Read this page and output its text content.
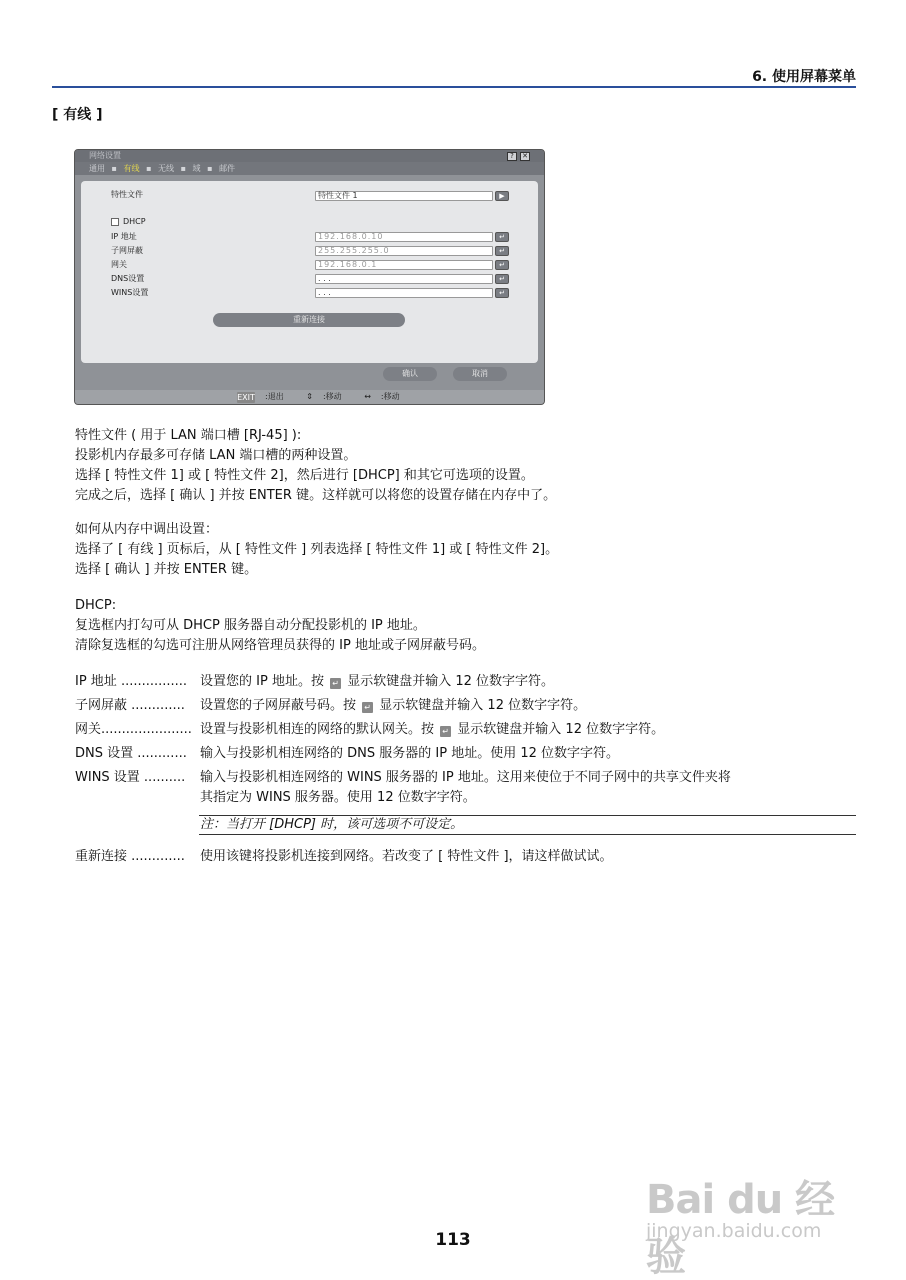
6. 使用屏幕菜单
[ 有线 ]
网络设置	?	✕
通用 ▪ 有线 ▪ 无线 ▪ 域 ▪ 邮件
特性文件	特性文件 1	▶
DHCP
IP 地址	192.168.0.10	↵
子网屏蔽	255.255.255.0	↵
网关	192.168.0.1	↵
DNS设置	. . .	↵
WINS设置	. . .	↵
重新连接
确认	取消
EXIT :退出	⇕ :移动	↔ :移动
特性文件 ( 用于 LAN 端口槽 [RJ-45] ):
投影机内存最多可存储 LAN 端口槽的两种设置。
选择 [ 特性文件 1] 或 [ 特性文件 2]，然后进行 [DHCP] 和其它可选项的设置。
完成之后，选择 [ 确认 ] 并按 ENTER 键。这样就可以将您的设置存储在内存中了。
如何从内存中调出设置：
选择了 [ 有线 ] 页标后，从 [ 特性文件 ] 列表选择 [ 特性文件 1] 或 [ 特性文件 2]。
选择 [ 确认 ] 并按 ENTER 键。
DHCP:
复选框内打勾可从 DHCP 服务器自动分配投影机的 IP 地址。
清除复选框的勾选可注册从网络管理员获得的 IP 地址或子网屏蔽号码。
IP 地址 ................ 设置您的 IP 地址。按 ↵ 显示软键盘并输入 12 位数字字符。
子网屏蔽 ............. 设置您的子网屏蔽号码。按 ↵ 显示软键盘并输入 12 位数字字符。
网关...................... 设置与投影机相连的网络的默认网关。按 ↵ 显示软键盘并输入 12 位数字字符。
DNS 设置 ............ 输入与投影机相连网络的 DNS 服务器的 IP 地址。使用 12 位数字字符。
WINS 设置 .......... 输入与投影机相连网络的 WINS 服务器的 IP 地址。这用来使位于不同子网中的共享文件夹将
其指定为 WINS 服务器。使用 12 位数字字符。
注：当打开 [DHCP] 时，该可选项不可设定。
重新连接 ............. 使用该键将投影机连接到网络。若改变了 [ 特性文件 ]，请这样做试试。
Bai du 经验
jingyan.baidu.com
113
